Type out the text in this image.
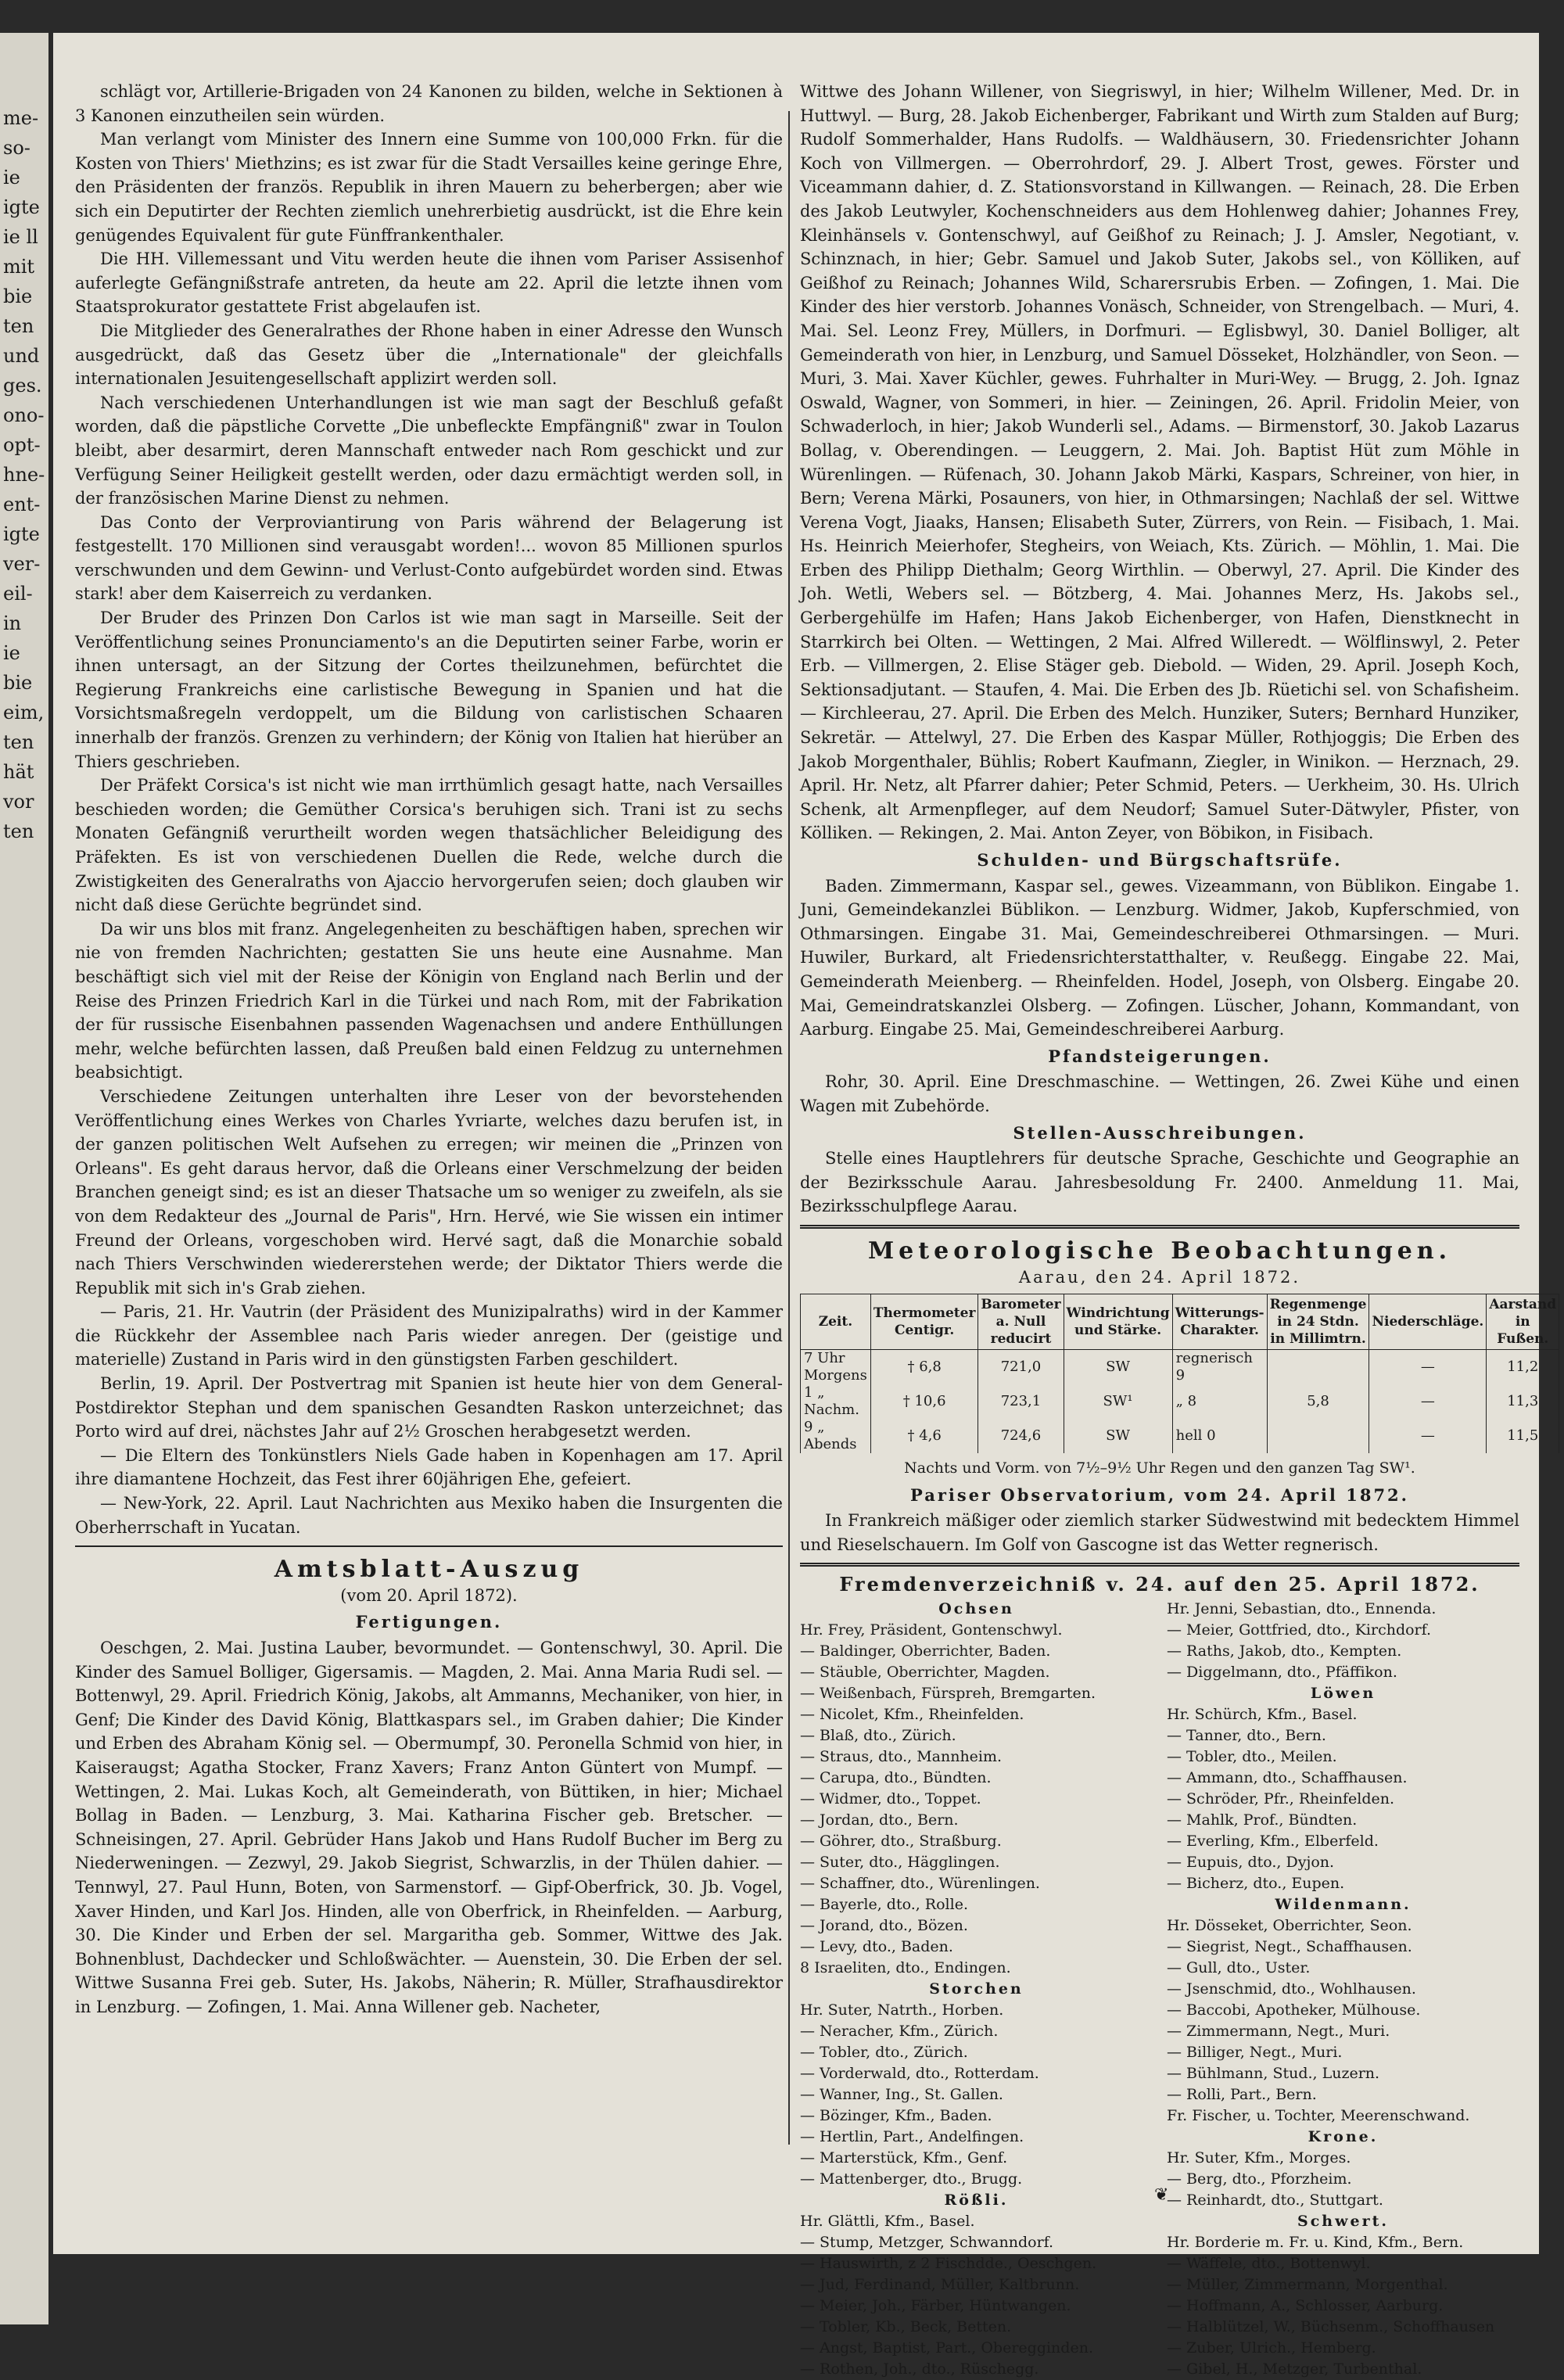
me-
so-
ie
igte
ie ll
mit
bie
ten
und
ges.
ono-
opt-
hne-
ent-
igte
ver-
eil-
in
ie
bie
eim,
ten
hät
vor
ten

schlägt vor, Artillerie-Brigaden von 24 Kanonen zu bilden, welche in Sektionen à 3 Kanonen einzutheilen sein würden.

Man verlangt vom Minister des Innern eine Summe von 100,000 Frkn. für die Kosten von Thiers' Miethzins; es ist zwar für die Stadt Versailles keine geringe Ehre, den Präsidenten der französ. Republik in ihren Mauern zu beherbergen; aber wie sich ein Deputirter der Rechten ziemlich unehrerbietig ausdrückt, ist die Ehre kein genügendes Equivalent für gute Fünffrankenthaler.

Die HH. Villemessant und Vitu werden heute die ihnen vom Pariser Assisenhof auferlegte Gefängnißstrafe antreten, da heute am 22. April die letzte ihnen vom Staatsprokurator gestattete Frist abgelaufen ist.

Die Mitglieder des Generalrathes der Rhone haben in einer Adresse den Wunsch ausgedrückt, daß das Gesetz über die „Internationale" der gleichfalls internationalen Jesuitengesellschaft applizirt werden soll.

Nach verschiedenen Unterhandlungen ist wie man sagt der Beschluß gefaßt worden, daß die päpstliche Corvette „Die unbefleckte Empfängniß" zwar in Toulon bleibt, aber desarmirt, deren Mannschaft entweder nach Rom geschickt und zur Verfügung Seiner Heiligkeit gestellt werden, oder dazu ermächtigt werden soll, in der französischen Marine Dienst zu nehmen.

Das Conto der Verproviantirung von Paris während der Belagerung ist festgestellt. 170 Millionen sind verausgabt worden!... wovon 85 Millionen spurlos verschwunden und dem Gewinn- und Verlust-Conto aufgebürdet worden sind. Etwas stark! aber dem Kaiserreich zu verdanken.

Der Bruder des Prinzen Don Carlos ist wie man sagt in Marseille. Seit der Veröffentlichung seines Pronunciamento's an die Deputirten seiner Farbe, worin er ihnen untersagt, an der Sitzung der Cortes theilzunehmen, befürchtet die Regierung Frankreichs eine carlistische Bewegung in Spanien und hat die Vorsichtsmaßregeln verdoppelt, um die Bildung von carlistischen Schaaren innerhalb der französ. Grenzen zu verhindern; der König von Italien hat hierüber an Thiers geschrieben.

Der Präfekt Corsica's ist nicht wie man irrthümlich gesagt hatte, nach Versailles beschieden worden; die Gemüther Corsica's beruhigen sich. Trani ist zu sechs Monaten Gefängniß verurtheilt worden wegen thatsächlicher Beleidigung des Präfekten. Es ist von verschiedenen Duellen die Rede, welche durch die Zwistigkeiten des Generalraths von Ajaccio hervorgerufen seien; doch glauben wir nicht daß diese Gerüchte begründet sind.

Da wir uns blos mit franz. Angelegenheiten zu beschäftigen haben, sprechen wir nie von fremden Nachrichten; gestatten Sie uns heute eine Ausnahme. Man beschäftigt sich viel mit der Reise der Königin von England nach Berlin und der Reise des Prinzen Friedrich Karl in die Türkei und nach Rom, mit der Fabrikation der für russische Eisenbahnen passenden Wagenachsen und andere Enthüllungen mehr, welche befürchten lassen, daß Preußen bald einen Feldzug zu unternehmen beabsichtigt.

Verschiedene Zeitungen unterhalten ihre Leser von der bevorstehenden Veröffentlichung eines Werkes von Charles Yvriarte, welches dazu berufen ist, in der ganzen politischen Welt Aufsehen zu erregen; wir meinen die „Prinzen von Orleans". Es geht daraus hervor, daß die Orleans einer Verschmelzung der beiden Branchen geneigt sind; es ist an dieser Thatsache um so weniger zu zweifeln, als sie von dem Redakteur des „Journal de Paris", Hrn. Hervé, wie Sie wissen ein intimer Freund der Orleans, vorgeschoben wird. Hervé sagt, daß die Monarchie sobald nach Thiers Verschwinden wiedererstehen werde; der Diktator Thiers werde die Republik mit sich in's Grab ziehen.

— Paris, 21. Hr. Vautrin (der Präsident des Munizipalraths) wird in der Kammer die Rückkehr der Assemblee nach Paris wieder anregen. Der (geistige und materielle) Zustand in Paris wird in den günstigsten Farben geschildert.

Berlin, 19. April. Der Postvertrag mit Spanien ist heute hier von dem General-Postdirektor Stephan und dem spanischen Gesandten Raskon unterzeichnet; das Porto wird auf drei, nächstes Jahr auf 2½ Groschen herabgesetzt werden.

— Die Eltern des Tonkünstlers Niels Gade haben in Kopenhagen am 17. April ihre diamantene Hochzeit, das Fest ihrer 60jährigen Ehe, gefeiert.

— New-York, 22. April. Laut Nachrichten aus Mexiko haben die Insurgenten die Oberherrschaft in Yucatan.

Amtsblatt-Auszug
(vom 20. April 1872).
Fertigungen.

Oeschgen, 2. Mai. Justina Lauber, bevormundet. — Gontenschwyl, 30. April. Die Kinder des Samuel Bolliger, Gigersamis. — Magden, 2. Mai. Anna Maria Rudi sel. — Bottenwyl, 29. April. Friedrich König, Jakobs, alt Ammanns, Mechaniker, von hier, in Genf; Die Kinder des David König, Blattkaspars sel., im Graben dahier; Die Kinder und Erben des Abraham König sel. — Obermumpf, 30. Peronella Schmid von hier, in Kaiseraugst; Agatha Stocker, Franz Xavers; Franz Anton Güntert von Mumpf. — Wettingen, 2. Mai. Lukas Koch, alt Gemeinderath, von Büttiken, in hier; Michael Bollag in Baden. — Lenzburg, 3. Mai. Katharina Fischer geb. Bretscher. — Schneisingen, 27. April. Gebrüder Hans Jakob und Hans Rudolf Bucher im Berg zu Niederweningen. — Zezwyl, 29. Jakob Siegrist, Schwarzlis, in der Thülen dahier. — Tennwyl, 27. Paul Hunn, Boten, von Sarmenstorf. — Gipf-Oberfrick, 30. Jb. Vogel, Xaver Hinden, und Karl Jos. Hinden, alle von Oberfrick, in Rheinfelden. — Aarburg, 30. Die Kinder und Erben der sel. Margaritha geb. Sommer, Wittwe des Jak. Bohnenblust, Dachdecker und Schloßwächter. — Auenstein, 30. Die Erben der sel. Wittwe Susanna Frei geb. Suter, Hs. Jakobs, Näherin; R. Müller, Strafhausdirektor in Lenzburg. — Zofingen, 1. Mai. Anna Willener geb. Nacheter,

Wittwe des Johann Willener, von Siegriswyl, in hier; Wilhelm Willener, Med. Dr. in Huttwyl. — Burg, 28. Jakob Eichenberger, Fabrikant und Wirth zum Stalden auf Burg; Rudolf Sommerhalder, Hans Rudolfs. — Waldhäusern, 30. Friedensrichter Johann Koch von Villmergen. — Oberrohrdorf, 29. J. Albert Trost, gewes. Förster und Viceammann dahier, d. Z. Stationsvorstand in Killwangen. — Reinach, 28. Die Erben des Jakob Leutwyler, Kochenschneiders aus dem Hohlenweg dahier; Johannes Frey, Kleinhänsels v. Gontenschwyl, auf Geißhof zu Reinach; J. J. Amsler, Negotiant, v. Schinznach, in hier; Gebr. Samuel und Jakob Suter, Jakobs sel., von Kölliken, auf Geißhof zu Reinach; Johannes Wild, Scharersrubis Erben. — Zofingen, 1. Mai. Die Kinder des hier verstorb. Johannes Vonäsch, Schneider, von Strengelbach. — Muri, 4. Mai. Sel. Leonz Frey, Müllers, in Dorfmuri. — Eglisbwyl, 30. Daniel Bolliger, alt Gemeinderath von hier, in Lenzburg, und Samuel Dösseket, Holzhändler, von Seon. — Muri, 3. Mai. Xaver Küchler, gewes. Fuhrhalter in Muri-Wey. — Brugg, 2. Joh. Ignaz Oswald, Wagner, von Sommeri, in hier. — Zeiningen, 26. April. Fridolin Meier, von Schwaderloch, in hier; Jakob Wunderli sel., Adams. — Birmenstorf, 30. Jakob Lazarus Bollag, v. Oberendingen. — Leuggern, 2. Mai. Joh. Baptist Hüt zum Möhle in Würenlingen. — Rüfenach, 30. Johann Jakob Märki, Kaspars, Schreiner, von hier, in Bern; Verena Märki, Posauners, von hier, in Othmarsingen; Nachlaß der sel. Wittwe Verena Vogt, Jiaaks, Hansen; Elisabeth Suter, Zürrers, von Rein. — Fisibach, 1. Mai. Hs. Heinrich Meierhofer, Stegheirs, von Weiach, Kts. Zürich. — Möhlin, 1. Mai. Die Erben des Philipp Diethalm; Georg Wirthlin. — Oberwyl, 27. April. Die Kinder des Joh. Wetli, Webers sel. — Bötzberg, 4. Mai. Johannes Merz, Hs. Jakobs sel., Gerbergehülfe im Hafen; Hans Jakob Eichenberger, von Hafen, Dienstknecht in Starrkirch bei Olten. — Wettingen, 2 Mai. Alfred Willeredt. — Wölflinswyl, 2. Peter Erb. — Villmergen, 2. Elise Stäger geb. Diebold. — Widen, 29. April. Joseph Koch, Sektionsadjutant. — Staufen, 4. Mai. Die Erben des Jb. Rüetichi sel. von Schafisheim. — Kirchleerau, 27. April. Die Erben des Melch. Hunziker, Suters; Bernhard Hunziker, Sekretär. — Attelwyl, 27. Die Erben des Kaspar Müller, Rothjoggis; Die Erben des Jakob Morgenthaler, Bühlis; Robert Kaufmann, Ziegler, in Winikon. — Herznach, 29. April. Hr. Netz, alt Pfarrer dahier; Peter Schmid, Peters. — Uerkheim, 30. Hs. Ulrich Schenk, alt Armenpfleger, auf dem Neudorf; Samuel Suter-Dätwyler, Pfister, von Kölliken. — Rekingen, 2. Mai. Anton Zeyer, von Böbikon, in Fisibach.

Schulden- und Bürgschaftsrüfe.

Baden. Zimmermann, Kaspar sel., gewes. Vizeammann, von Büblikon. Eingabe 1. Juni, Gemeindekanzlei Büblikon. — Lenzburg. Widmer, Jakob, Kupferschmied, von Othmarsingen. Eingabe 31. Mai, Gemeindeschreiberei Othmarsingen. — Muri. Huwiler, Burkard, alt Friedensrichterstatthalter, v. Reußegg. Eingabe 22. Mai, Gemeinderath Meienberg. — Rheinfelden. Hodel, Joseph, von Olsberg. Eingabe 20. Mai, Gemeindratskanzlei Olsberg. — Zofingen. Lüscher, Johann, Kommandant, von Aarburg. Eingabe 25. Mai, Gemeindeschreiberei Aarburg.

Pfandsteigerungen.

Rohr, 30. April. Eine Dreschmaschine. — Wettingen, 26. Zwei Kühe und einen Wagen mit Zubehörde.

Stellen-Ausschreibungen.

Stelle eines Hauptlehrers für deutsche Sprache, Geschichte und Geographie an der Bezirksschule Aarau. Jahresbesoldung Fr. 2400. Anmeldung 11. Mai, Bezirksschulpflege Aarau.

Meteorologische Beobachtungen.
Aarau, den 24. April 1872.
Zeit.	Thermometer Centigr.	Barometer a. Null reducirt	Windrichtung und Stärke.	Witterungs-Charakter.	Regenmenge in 24 Stdn. in Millimtrn.	Niederschläge.	Aarstand in Fußen.
7 Uhr Morgens	† 6,8	721,0	SW	regnerisch 9		—	11,2
1 „ Nachm.	† 10,6	723,1	SW¹	„ 8	5,8	—	11,3
9 „ Abends	† 4,6	724,6	SW	hell 0		—	11,5

Nachts und Vorm. von 7½–9½ Uhr Regen und den ganzen Tag SW¹.

Pariser Observatorium, vom 24. April 1872.

In Frankreich mäßiger oder ziemlich starker Südwestwind mit bedecktem Himmel und Rieselschauern. Im Golf von Gascogne ist das Wetter regnerisch.

Fremdenverzeichniß v. 24. auf den 25. April 1872.
Ochsen
Hr. Frey, Präsident, Gontenschwyl.
— Baldinger, Oberrichter, Baden.
— Stäuble, Oberrichter, Magden.
— Weißenbach, Fürspreh, Bremgarten.
— Nicolet, Kfm., Rheinfelden.
— Blaß, dto., Zürich.
— Straus, dto., Mannheim.
— Carupa, dto., Bündten.
— Widmer, dto., Toppet.
— Jordan, dto., Bern.
— Göhrer, dto., Straßburg.
— Suter, dto., Hägglingen.
— Schaffner, dto., Würenlingen.
— Bayerle, dto., Rolle.
— Jorand, dto., Bözen.
— Levy, dto., Baden.
8 Israeliten, dto., Endingen.
Storchen
Hr. Suter, Natrth., Horben.
— Neracher, Kfm., Zürich.
— Tobler, dto., Zürich.
— Vorderwald, dto., Rotterdam.
— Wanner, Ing., St. Gallen.
— Bözinger, Kfm., Baden.
— Hertlin, Part., Andelfingen.
— Marterstück, Kfm., Genf.
— Mattenberger, dto., Brugg.
Rößli.
Hr. Glättli, Kfm., Basel.
— Stump, Metzger, Schwanndorf.
— Hauswirth, z 2 Fischdde., Oeschgen.
— Jud, Ferdinand, Müller, Kaltbrunn.
— Meier, Joh., Färber, Hüntwangen.
— Tobler, Kb., Beck, Betten.
— Angst, Baptist, Part., Oberegginden.
— Rothen, Joh., dto., Rüschegg.
Hr. Jenni, Sebastian, dto., Ennenda.
— Meier, Gottfried, dto., Kirchdorf.
— Raths, Jakob, dto., Kempten.
— Diggelmann, dto., Pfäffikon.
Löwen
Hr. Schürch, Kfm., Basel.
— Tanner, dto., Bern.
— Tobler, dto., Meilen.
— Ammann, dto., Schaffhausen.
— Schröder, Pfr., Rheinfelden.
— Mahlk, Prof., Bündten.
— Everling, Kfm., Elberfeld.
— Eupuis, dto., Dyjon.
— Bicherz, dto., Eupen.
Wildenmann.
Hr. Dösseket, Oberrichter, Seon.
— Siegrist, Negt., Schaffhausen.
— Gull, dto., Uster.
— Jsenschmid, dto., Wohlhausen.
— Baccobi, Apotheker, Mülhouse.
— Zimmermann, Negt., Muri.
— Billiger, Negt., Muri.
— Bühlmann, Stud., Luzern.
— Rolli, Part., Bern.
Fr. Fischer, u. Tochter, Meerenschwand.
Krone.
Hr. Suter, Kfm., Morges.
— Berg, dto., Pforzheim.
— Reinhardt, dto., Stuttgart.
Schwert.
Hr. Borderie m. Fr. u. Kind, Kfm., Bern.
— Wäffele, dto., Bottenwyl.
— Müller, Zimmermann, Morgenthal.
— Hoffmann, A., Schlosser, Aarburg.
— Halblützel, W., Büchsenm., Schoffhausen
— Zuber, Ulrich., Hemberg.
— Gibel, H., Metzger, Turbenthal.
❦
